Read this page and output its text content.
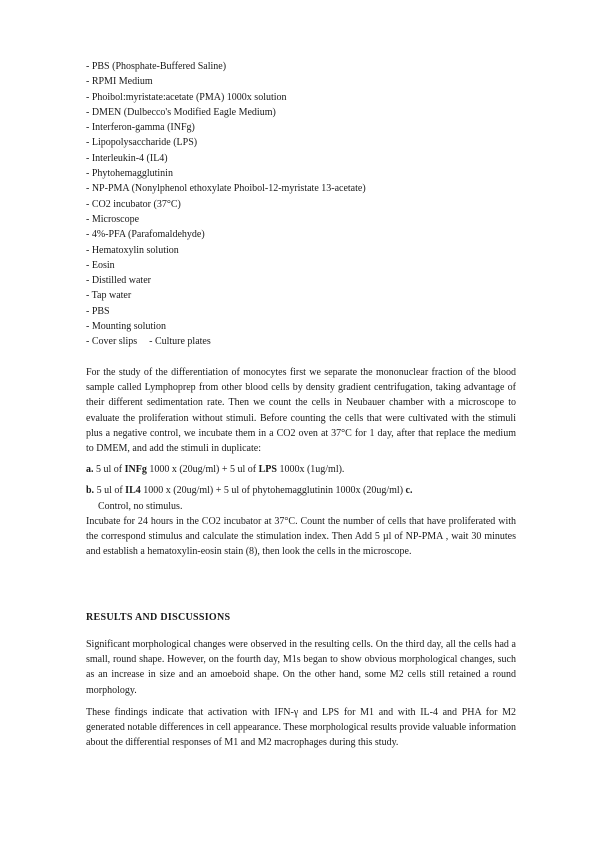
- PBS (Phosphate-Buffered Saline)
- RPMI Medium
- Phoibol:myristate:acetate (PMA) 1000x solution
- DMEN (Dulbecco's Modified Eagle Medium)
- Interferon-gamma (INFg)
- Lipopolysaccharide (LPS)
- Interleukin-4 (IL4)
- Phytohemagglutinin
- NP-PMA (Nonylphenol ethoxylate Phoibol-12-myristate 13-acetate)
- CO2 incubator (37°C)
- Microscope
- 4%-PFA (Parafomaldehyde)
- Hematoxylin solution
- Eosin
- Distilled water
- Tap water
- PBS
- Mounting solution
- Cover slips - Culture plates

For the study of the differentiation of monocytes first we separate the mononuclear fraction of the blood sample called Lymphoprep from other blood cells by density gradient centrifugation, taking advantage of their different sedimentation rate. Then we count the cells in Neubauer chamber with a microscope to evaluate the proliferation without stimuli. Before counting the cells that were cultivated with the stimuli plus a negative control, we incubate them in a CO2 oven at 37°C for 1 day, after that replace the medium to DMEM, and add the stimuli in duplicate:

a. 5 ul of INFg 1000 x (20ug/ml) + 5 ul of LPS 1000x (1ug/ml).

b. 5 ul of IL4 1000 x (20ug/ml) + 5 ul of phytohemagglutinin 1000x (20ug/ml) c.
Control, no stimulus.

Incubate for 24 hours in the CO2 incubator at 37°C. Count the number of cells that have proliferated with the correspond stimulus and calculate the stimulation index. Then Add 5 µl of NP-PMA , wait 30 minutes and establish a hematoxylin-eosin stain (8), then look the cells in the microscope.

RESULTS AND DISCUSSIONS

Significant morphological changes were observed in the resulting cells. On the third day, all the cells had a small, round shape. However, on the fourth day, M1s began to show obvious morphological changes, such as an increase in size and an amoeboid shape. On the other hand, some M2 cells still retained a round morphology.

These findings indicate that activation with IFN-γ and LPS for M1 and with IL-4 and PHA for M2 generated notable differences in cell appearance. These morphological results provide valuable information about the differential responses of M1 and M2 macrophages during this study.
